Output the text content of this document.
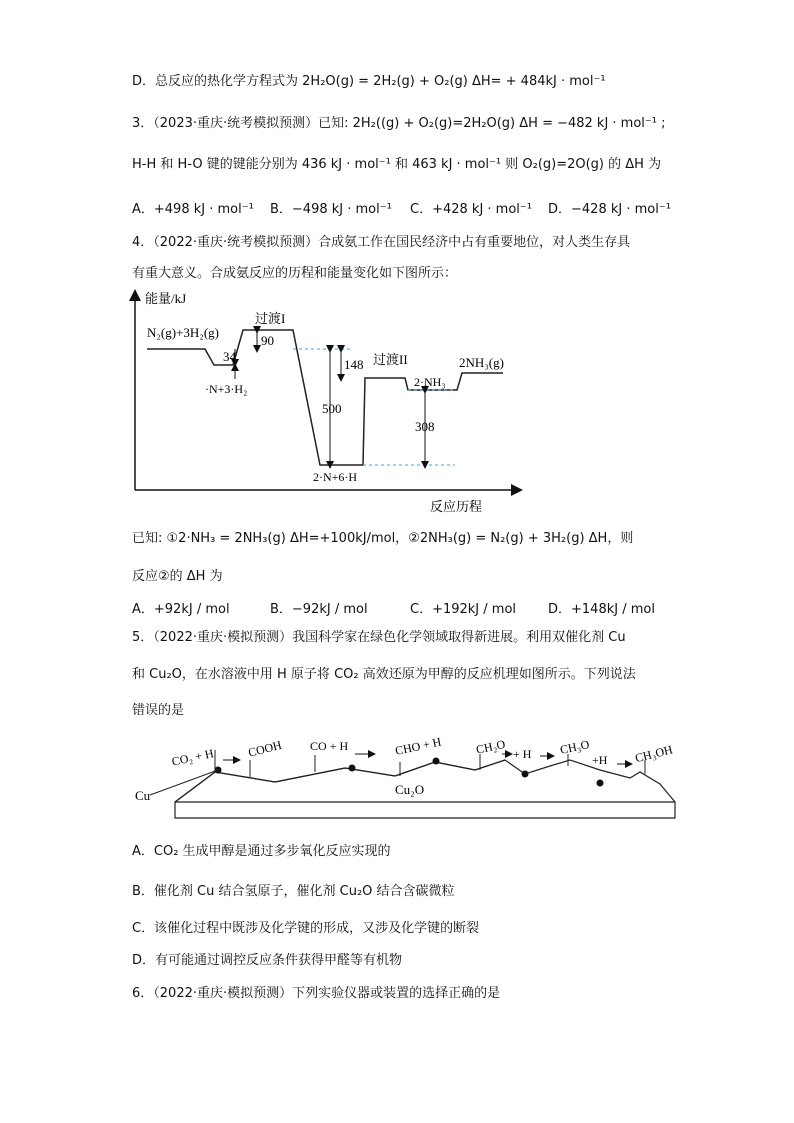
D．总反应的热化学方程式为 2H₂O(g) = 2H₂(g) + O₂(g) ΔH= + 484kJ · mol⁻¹
3．（2023·重庆·统考模拟预测）已知: 2H₂((g) + O₂(g)=2H₂O(g) ΔH = −482 kJ · mol⁻¹ ;
H-H 和 H-O 键的键能分别为 436 kJ · mol⁻¹ 和 463 kJ · mol⁻¹ 则 O₂(g)=2O(g) 的 ΔH 为
A．+498 kJ · mol⁻¹ B．−498 kJ · mol⁻¹ C．+428 kJ · mol⁻¹ D．−428 kJ · mol⁻¹
4．（2022·重庆·统考模拟预测）合成氨工作在国民经济中占有重要地位，对人类生存具
有重大意义。合成氨反应的历程和能量变化如下图所示：
能量/kJ
反应历程
N₂(g)+3H₂(g)
过渡I
·N+3·H₂
90
34
148 过渡II
2·NH₃
2NH₃(g)
500
308
2·N+6·H
已知: ①2·NH₃ = 2NH₃(g) ΔH=+100kJ/mol，②2NH₃(g) = N₂(g) + 3H₂(g) ΔH，则
反应②的 ΔH 为
A．+92kJ / mol	B．−92kJ / mol	C．+192kJ / mol D．+148kJ / mol
5．（2022·重庆·模拟预测）我国科学家在绿色化学领域取得新进展。利用双催化剂 Cu
和 Cu₂O，在水溶液中用 H 原子将 CO₂ 高效还原为甲醇的反应机理如图所示。下列说法
错误的是
Cu	Cu₂O
CO₂ + H	COOH CO + H	CHO + H	CH₂O + H CH₃O
+H CH₃OH
A．CO₂ 生成甲醇是通过多步氧化反应实现的
B．催化剂 Cu 结合氢原子，催化剂 Cu₂O 结合含碳微粒
C．该催化过程中既涉及化学键的形成，又涉及化学键的断裂
D．有可能通过调控反应条件获得甲醛等有机物
6．（2022·重庆·模拟预测）下列实验仪器或装置的选择正确的是
